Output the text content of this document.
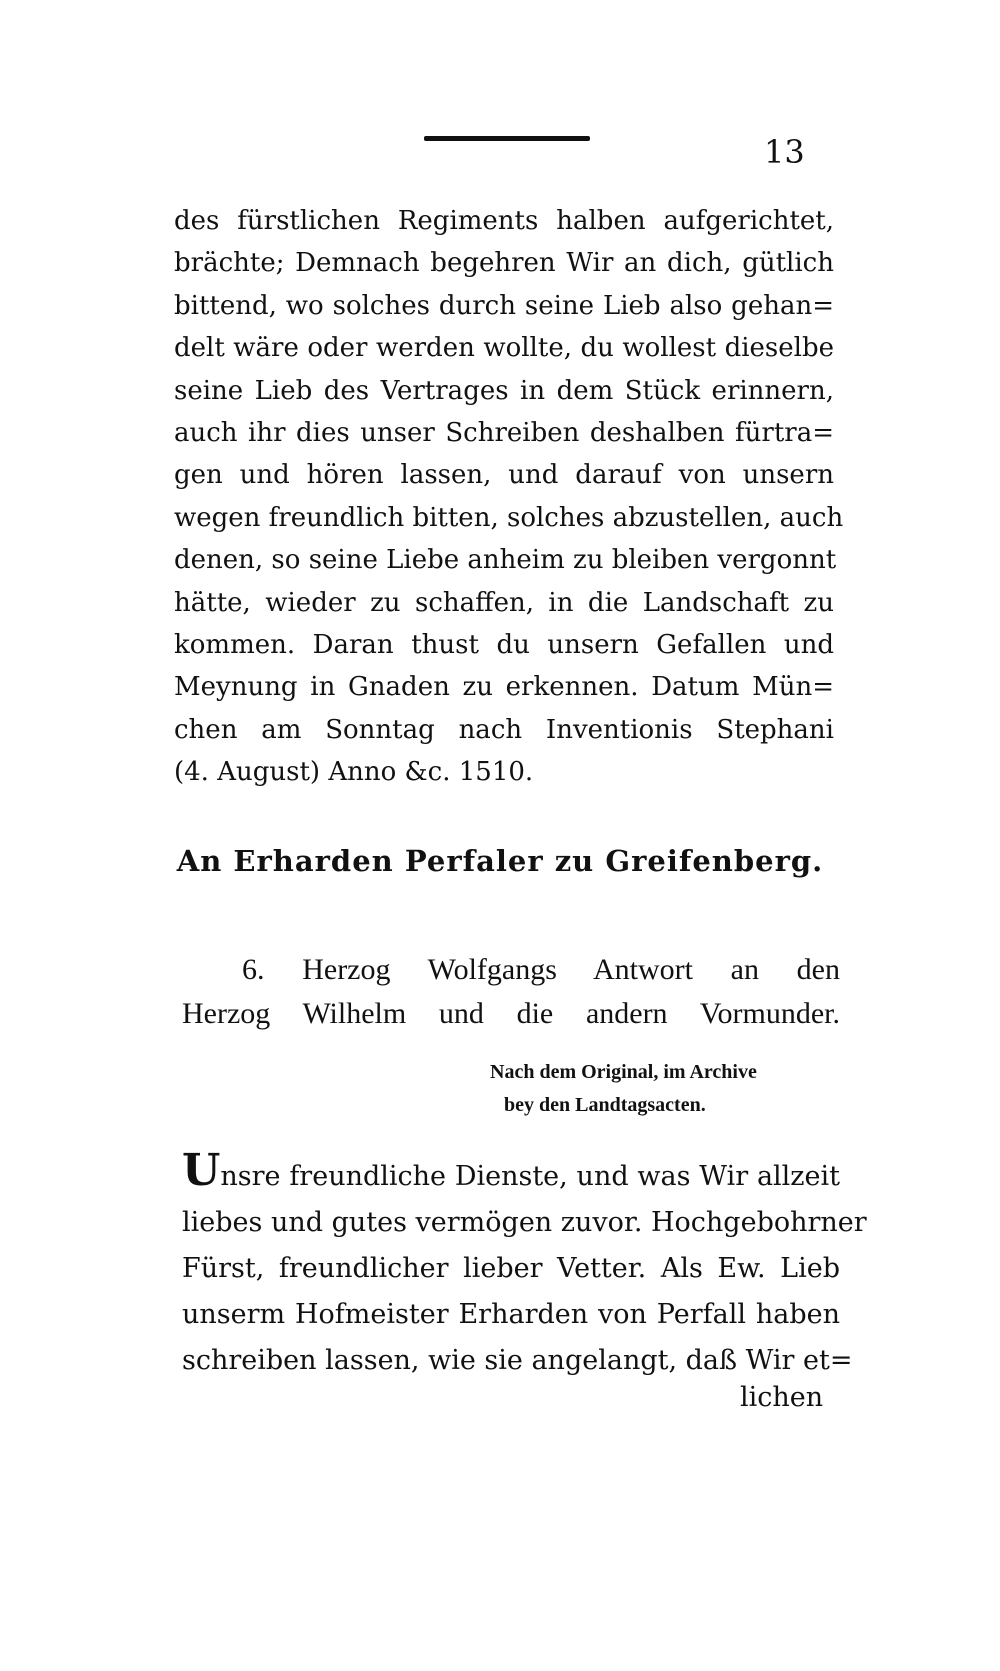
13
des fürstlichen Regiments halben aufgerichtet,
brächte; Demnach begehren Wir an dich, gütlich
bittend, wo solches durch seine Lieb also gehan=
delt wäre oder werden wollte, du wollest dieselbe
seine Lieb des Vertrages in dem Stück erinnern,
auch ihr dies unser Schreiben deshalben fürtra=
gen und hören lassen, und darauf von unsern
wegen freundlich bitten, solches abzustellen, auch
denen, so seine Liebe anheim zu bleiben vergonnt
hätte, wieder zu schaffen, in die Landschaft zu
kommen. Daran thust du unsern Gefallen und
Meynung in Gnaden zu erkennen. Datum Mün=
chen am Sonntag nach Inventionis Stephani
(4. August) Anno &c. 1510.
An Erharden Perfaler zu Greifenberg.
6. Herzog Wolfgangs Antwort an den
Herzog Wilhelm und die andern Vormunder.
Nach dem Original, im Archive
bey den Landtagsacten.
Unsre freundliche Dienste, und was Wir allzeit
liebes und gutes vermögen zuvor. Hochgebohrner
Fürst, freundlicher lieber Vetter. Als Ew. Lieb
unserm Hofmeister Erharden von Perfall haben
schreiben lassen, wie sie angelangt, daß Wir et=
lichen
